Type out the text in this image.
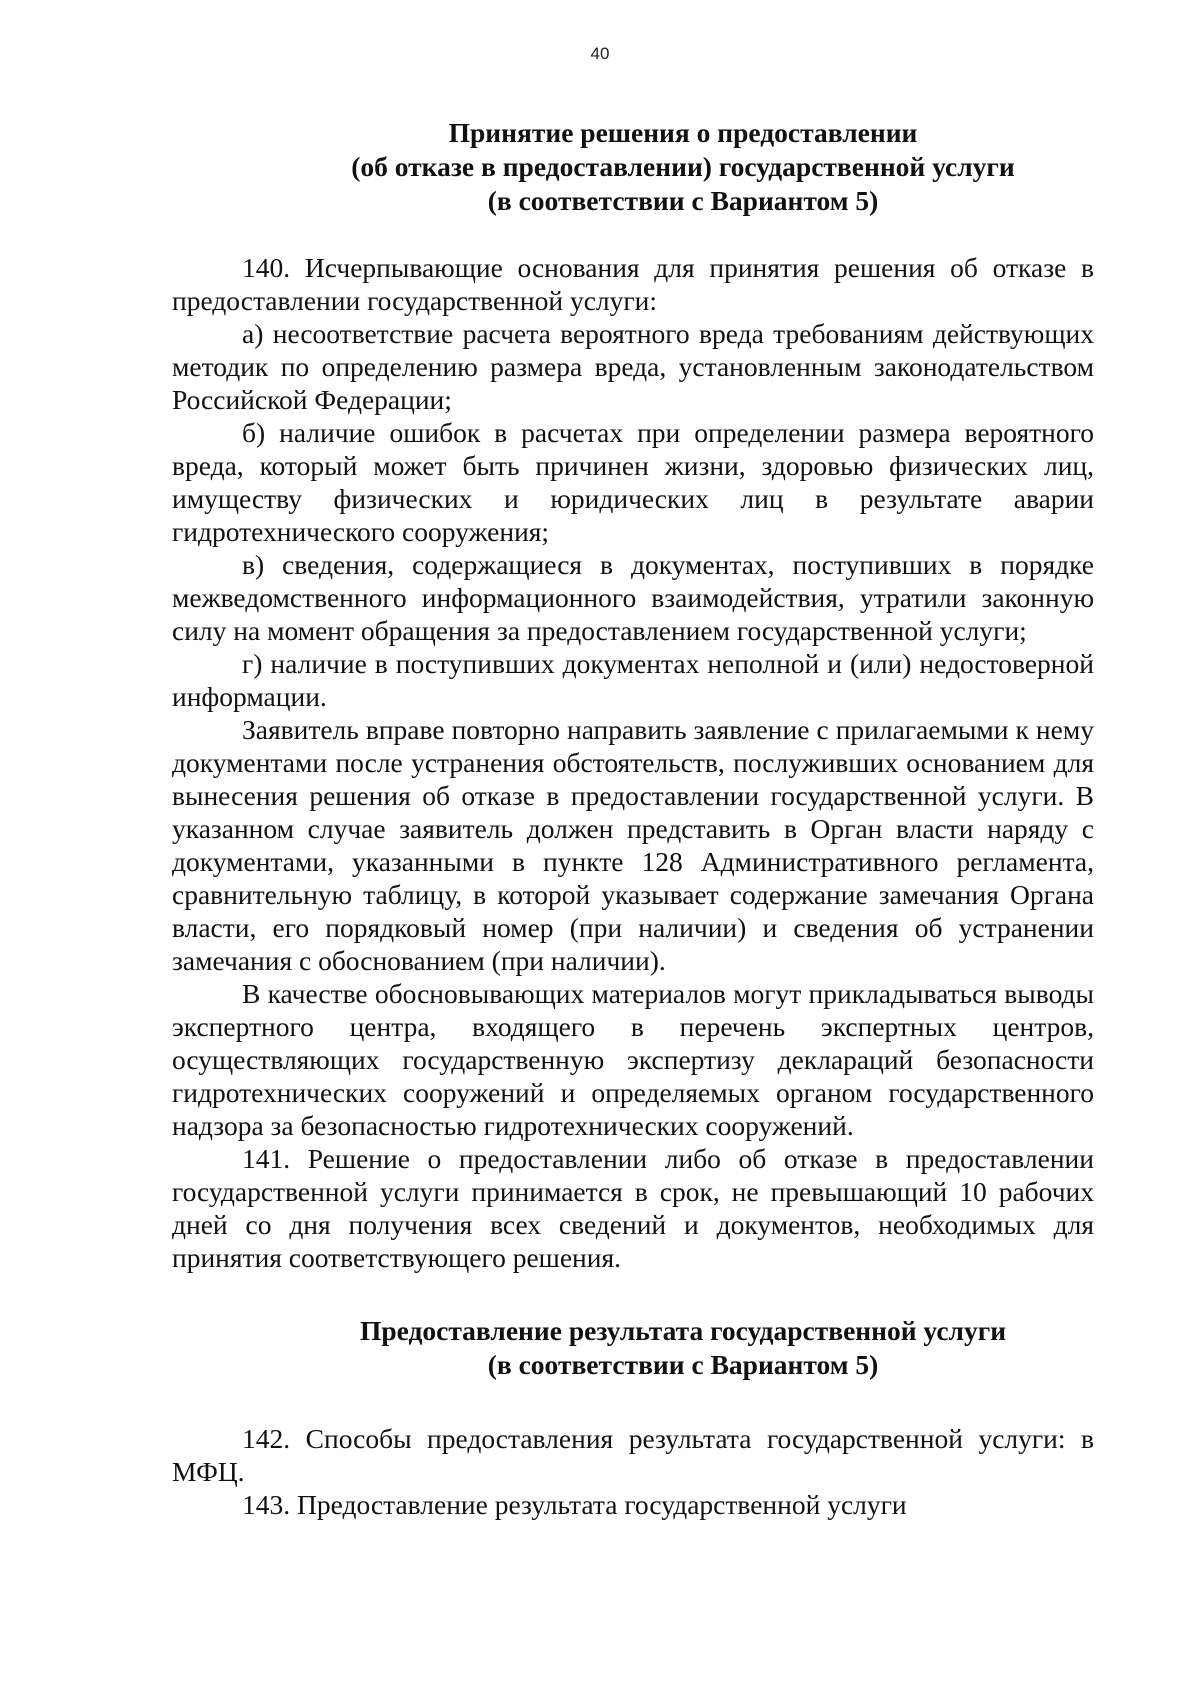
40
Принятие решения о предоставлении
(об отказе в предоставлении) государственной услуги
(в соответствии с Вариантом 5)

140. Исчерпывающие основания для принятия решения об отказе в предоставлении государственной услуги:

а) несоответствие расчета вероятного вреда требованиям действующих методик по определению размера вреда, установленным законодательством Российской Федерации;

б) наличие ошибок в расчетах при определении размера вероятного вреда, который может быть причинен жизни, здоровью физических лиц, имуществу физических и юридических лиц в результате аварии гидротехнического сооружения;

в) сведения, содержащиеся в документах, поступивших в порядке межведомственного информационного взаимодействия, утратили законную силу на момент обращения за предоставлением государственной услуги;

г) наличие в поступивших документах неполной и (или) недостоверной информации.

Заявитель вправе повторно направить заявление с прилагаемыми к нему документами после устранения обстоятельств, послуживших основанием для вынесения решения об отказе в предоставлении государственной услуги. В указанном случае заявитель должен представить в Орган власти наряду с документами, указанными в пункте 128 Административного регламента, сравнительную таблицу, в которой указывает содержание замечания Органа власти, его порядковый номер (при наличии) и сведения об устранении замечания с обоснованием (при наличии).

В качестве обосновывающих материалов могут прикладываться выводы экспертного центра, входящего в перечень экспертных центров, осуществляющих государственную экспертизу деклараций безопасности гидротехнических сооружений и определяемых органом государственного надзора за безопасностью гидротехнических сооружений.

141. Решение о предоставлении либо об отказе в предоставлении государственной услуги принимается в срок, не превышающий 10 рабочих дней со дня получения всех сведений и документов, необходимых для принятия соответствующего решения.

Предоставление результата государственной услуги
(в соответствии с Вариантом 5)

142. Способы предоставления результата государственной услуги: в МФЦ.

143. Предоставление результата государственной услуги
